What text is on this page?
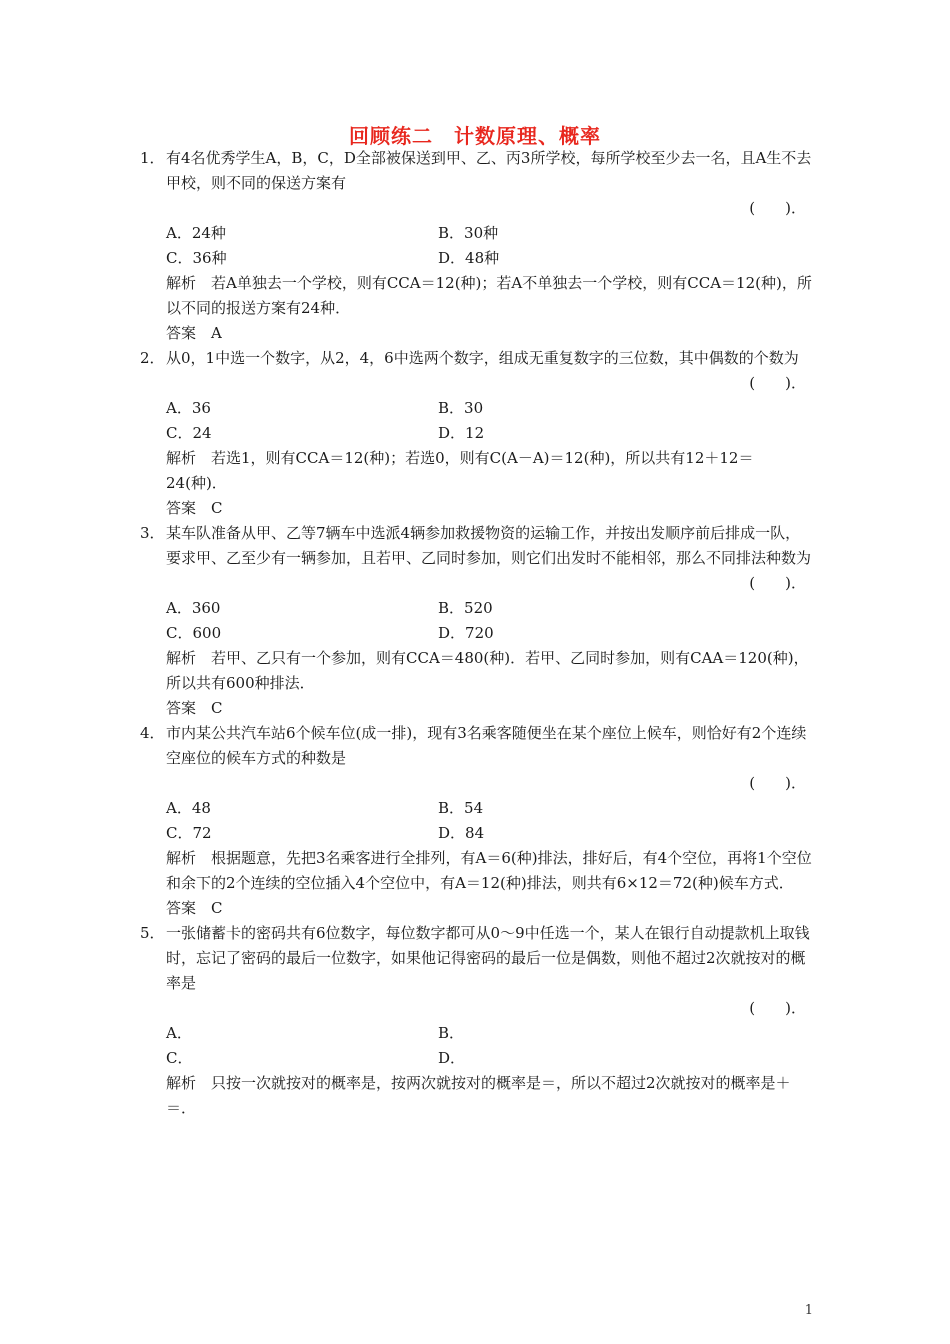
回顾练二　计数原理、概率
1． 有4名优秀学生A，B，C，D全部被保送到甲、乙、丙3所学校，每所学校至少去一名，且A生不去甲校，则不同的保送方案有
(　　)．
A．24种	B．30种
C．36种	D．48种
解析　若A单独去一个学校，则有CCA＝12(种)；若A不单独去一个学校，则有CCA＝12(种)，所以不同的报送方案有24种．
答案　A
2． 从0，1中选一个数字，从2，4，6中选两个数字，组成无重复数字的三位数，其中偶数的个数为
(　　)．
A．36	B．30
C．24	D．12
解析　若选1，则有CCA＝12(种)；若选0，则有C(A－A)＝12(种)，所以共有12＋12＝24(种)．
答案　C
3． 某车队准备从甲、乙等7辆车中选派4辆参加救援物资的运输工作，并按出发顺序前后排成一队，要求甲、乙至少有一辆参加，且若甲、乙同时参加，则它们出发时不能相邻，那么不同排法种数为
(　　)．
A．360	B．520
C．600	D．720
解析　若甲、乙只有一个参加，则有CCA＝480(种)．若甲、乙同时参加，则有CAA＝120(种)，所以共有600种排法．
答案　C
4． 市内某公共汽车站6个候车位(成一排)，现有3名乘客随便坐在某个座位上候车，则恰好有2个连续空座位的候车方式的种数是
(　　)．
A．48	B．54
C．72	D．84
解析　根据题意，先把3名乘客进行全排列，有A＝6(种)排法，排好后，有4个空位，再将1个空位和余下的2个连续的空位插入4个空位中，有A＝12(种)排法，则共有6×12＝72(种)候车方式．
答案　C
5． 一张储蓄卡的密码共有6位数字，每位数字都可从0～9中任选一个，某人在银行自动提款机上取钱时，忘记了密码的最后一位数字，如果他记得密码的最后一位是偶数，则他不超过2次就按对的概率是
(　　)．
A．	B．
C．	D．
解析　只按一次就按对的概率是，按两次就按对的概率是＝，所以不超过2次就按对的概率是＋＝．
1
